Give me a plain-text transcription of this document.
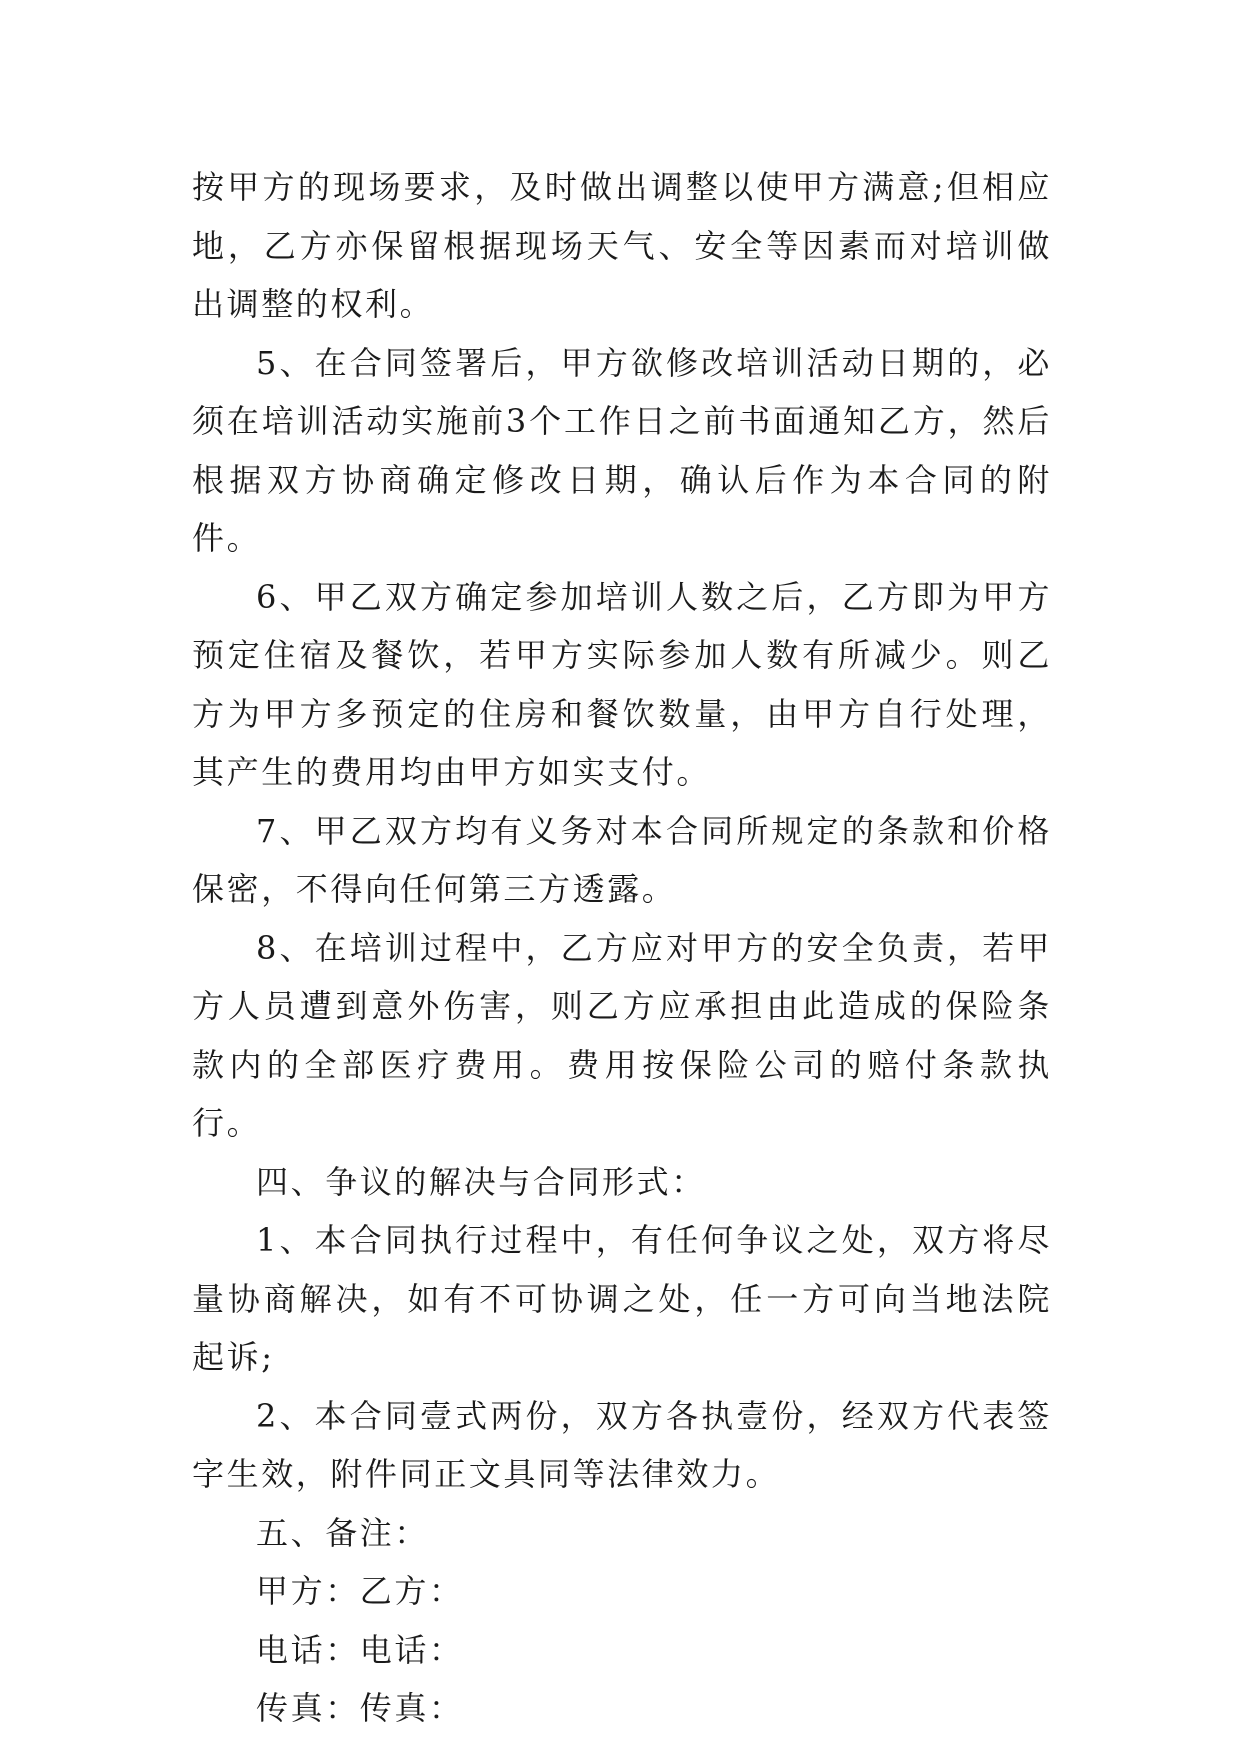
按甲方的现场要求，及时做出调整以使甲方满意;但相应地，乙方亦保留根据现场天气、安全等因素而对培训做出调整的权利。

5、在合同签署后，甲方欲修改培训活动日期的，必须在培训活动实施前3个工作日之前书面通知乙方，然后根据双方协商确定修改日期，确认后作为本合同的附件。

6、甲乙双方确定参加培训人数之后，乙方即为甲方预定住宿及餐饮，若甲方实际参加人数有所减少。则乙方为甲方多预定的住房和餐饮数量，由甲方自行处理，其产生的费用均由甲方如实支付。

7、甲乙双方均有义务对本合同所规定的条款和价格保密，不得向任何第三方透露。

8、在培训过程中，乙方应对甲方的安全负责，若甲方人员遭到意外伤害，则乙方应承担由此造成的保险条款内的全部医疗费用。费用按保险公司的赔付条款执行。

四、争议的解决与合同形式：

1、本合同执行过程中，有任何争议之处，双方将尽量协商解决，如有不可协调之处，任一方可向当地法院起诉;

2、本合同壹式两份，双方各执壹份，经双方代表签字生效，附件同正文具同等法律效力。

五、备注：

甲方：乙方：

电话：电话：

传真：传真：
